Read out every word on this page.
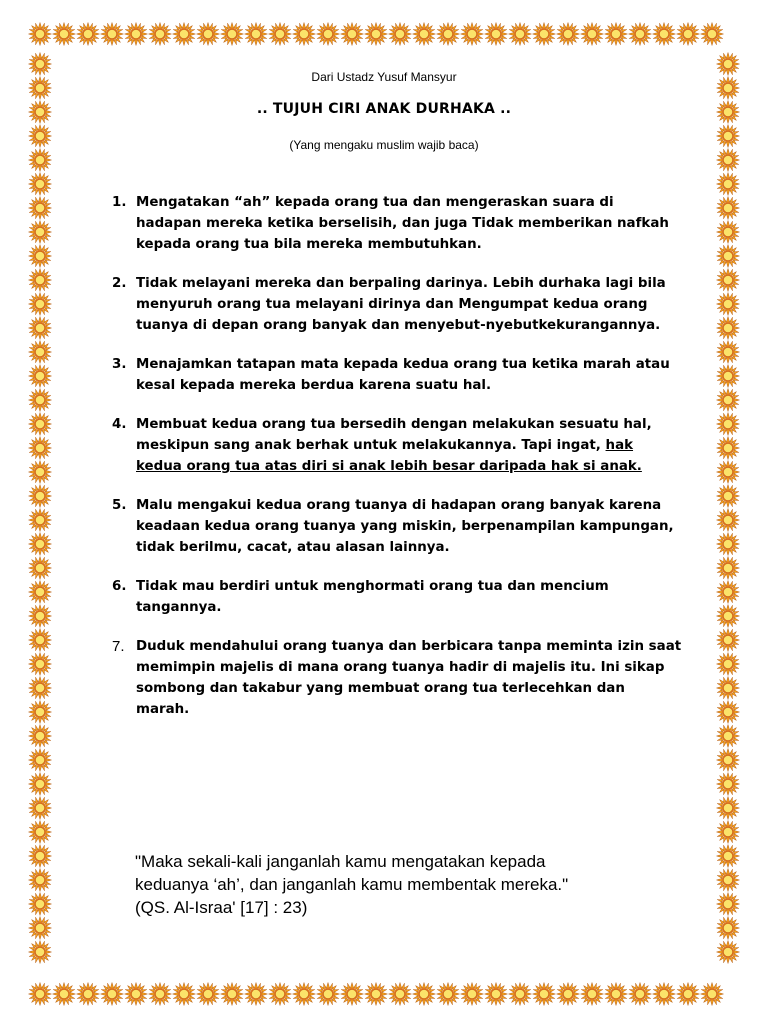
Dari Ustadz Yusuf Mansyur
.. TUJUH CIRI ANAK DURHAKA ..
(Yang mengaku muslim wajib baca)
1. Mengatakan “ah” kepada orang tua dan mengeraskan suara di hadapan mereka ketika berselisih, dan juga Tidak memberikan nafkah kepada orang tua bila mereka membutuhkan.
2. Tidak melayani mereka dan berpaling darinya. Lebih durhaka lagi bila menyuruh orang tua melayani dirinya dan Mengumpat kedua orang tuanya di depan orang banyak dan menyebut-nyebutkekurangannya.
3. Menajamkan tatapan mata kepada kedua orang tua ketika marah atau kesal kepada mereka berdua karena suatu hal.
4. Membuat kedua orang tua bersedih dengan melakukan sesuatu hal, meskipun sang anak berhak untuk melakukannya. Tapi ingat, hak kedua orang tua atas diri si anak lebih besar daripada hak si anak.
5. Malu mengakui kedua orang tuanya di hadapan orang banyak karena keadaan kedua orang tuanya yang miskin, berpenampilan kampungan, tidak berilmu, cacat, atau alasan lainnya.
6. Tidak mau berdiri untuk menghormati orang tua dan mencium tangannya.
7. Duduk mendahului orang tuanya dan berbicara tanpa meminta izin saat memimpin majelis di mana orang tuanya hadir di majelis itu. Ini sikap sombong dan takabur yang membuat orang tua terlecehkan dan marah.
"Maka sekali-kali janganlah kamu mengatakan kepada
keduanya ‘ah’, dan janganlah kamu membentak mereka."
(QS. Al-Israa' [17] : 23)
